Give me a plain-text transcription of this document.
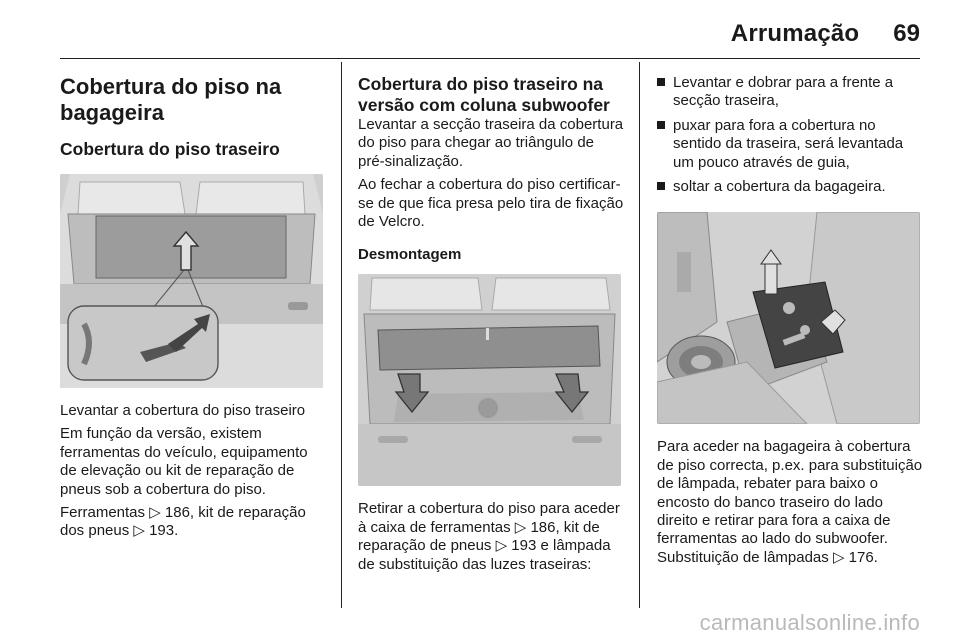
Arrumação 69
Cobertura do piso na bagageira
Cobertura do piso traseiro

Levantar a cobertura do piso traseiro

Em função da versão, existem ferramentas do veículo, equipamento de elevação ou kit de reparação de pneus sob a cobertura do piso.

Ferramentas ▷ 186, kit de reparação dos pneus ▷ 193.

Cobertura do piso traseiro na versão com coluna subwoofer

Levantar a secção traseira da cobertura do piso para chegar ao triângulo de pré-sinalização.

Ao fechar a cobertura do piso certificar-se de que fica presa pelo tira de fixação de Velcro.

Desmontagem

Retirar a cobertura do piso para aceder à caixa de ferramentas ▷ 186, kit de reparação de pneus ▷ 193 e lâmpada de substituição das luzes traseiras:

Levantar e dobrar para a frente a secção traseira,
puxar para fora a cobertura no sentido da traseira, será levantada um pouco através de guia,
soltar a cobertura da bagageira.

Para aceder na bagageira à cobertura de piso correcta, p.ex. para substituição de lâmpada, rebater para baixo o encosto do banco traseiro do lado direito e retirar para fora a caixa de ferramentas ao lado do subwoofer. Substituição de lâmpadas ▷ 176.

carmanualsonline.info
